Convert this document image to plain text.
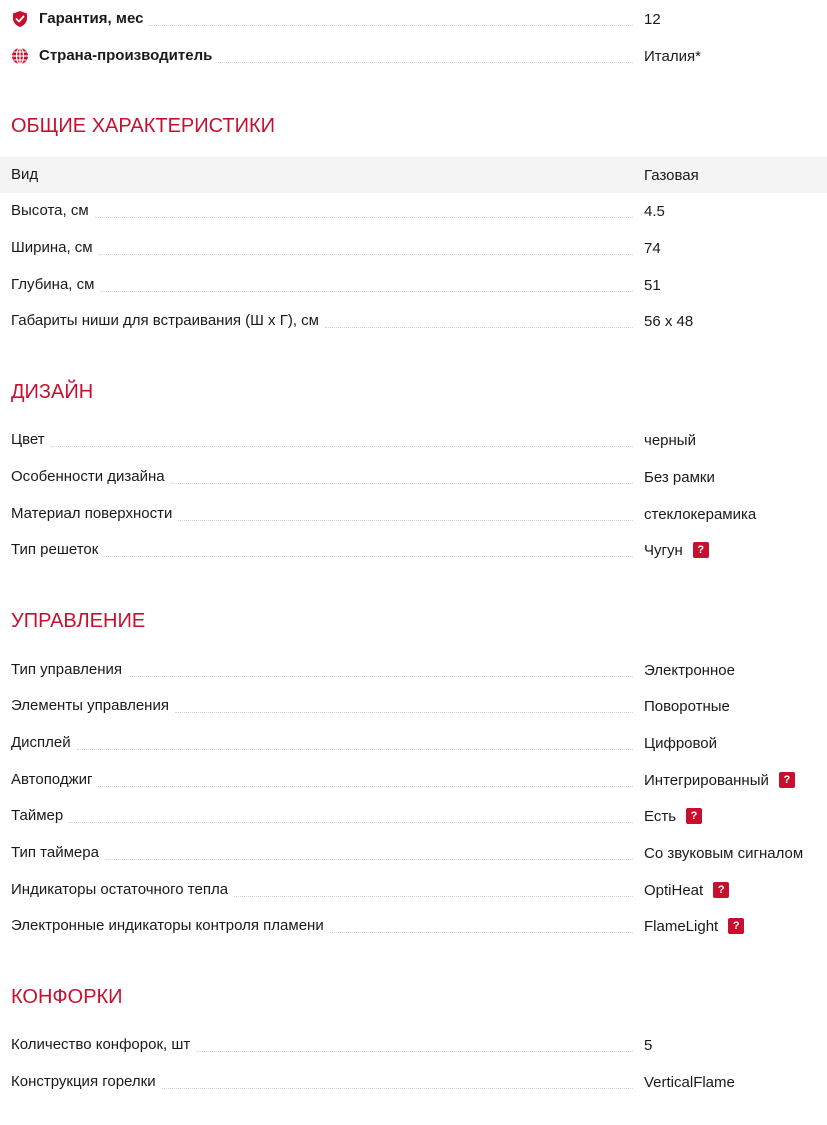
Гарантия, мес	12
Страна-производитель	Италия*
ОБЩИЕ ХАРАКТЕРИСТИКИ
Вид	Газовая
Высота, см	4.5
Ширина, см	74
Глубина, см	51
Габариты ниши для встраивания (Ш х Г), см	56 х 48
ДИЗАЙН
Цвет	черный
Особенности дизайна	Без рамки
Материал поверхности	стеклокерамика
Тип решеток	Чугун	?
УПРАВЛЕНИЕ
Тип управления	Электронное
Элементы управления	Поворотные
Дисплей	Цифровой
Автоподжиг	Интегрированный	?
Таймер	Есть	?
Тип таймера	Со звуковым сигналом
Индикаторы остаточного тепла	OptiHeat	?
Электронные индикаторы контроля пламени	FlameLight	?
КОНФОРКИ
Количество конфорок, шт	5
Конструкция горелки	VerticalFlame
